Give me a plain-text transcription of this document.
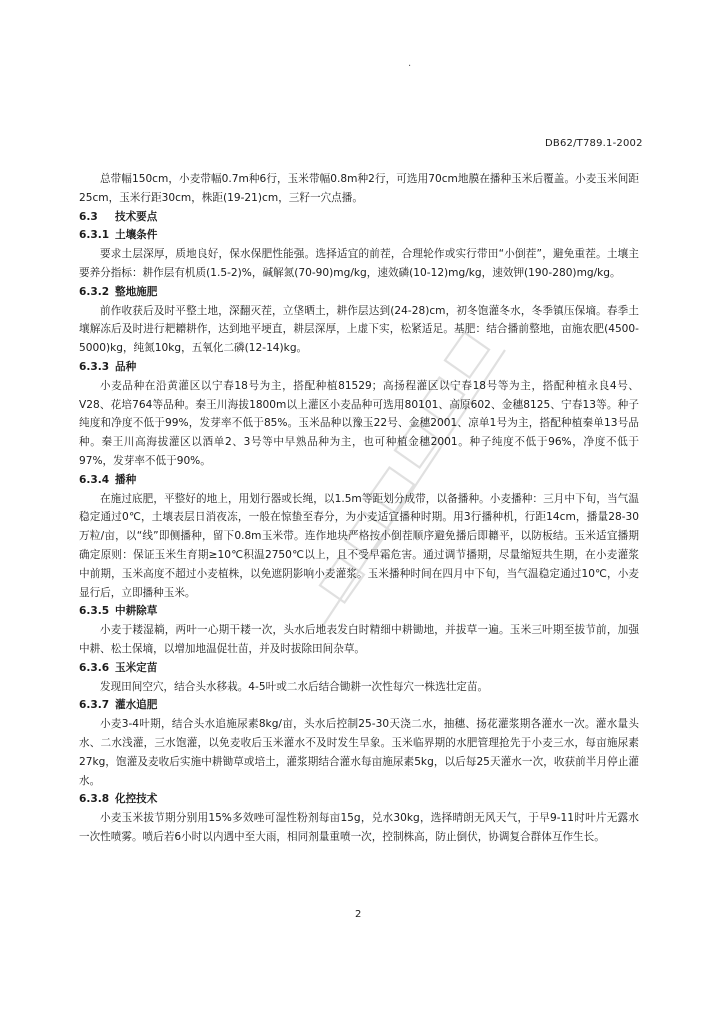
.
DB62/T789.1-2002

总带幅150cm，小麦带幅0.7m种6行，玉米带幅0.8m种2行，可选用70cm地膜在播种玉米后覆盖。小麦玉米间距25cm，玉米行距30cm，株距(19-21)cm，三籽一穴点播。

6.3 技术要点
6.3.1 土壤条件

要求土层深厚，质地良好，保水保肥性能强。选择适宜的前茬，合理轮作或实行带田“小倒茬”，避免重茬。土壤主要养分指标：耕作层有机质(1.5-2)%，碱解氮(70-90)mg/kg，速效磷(10-12)mg/kg，速效钾(190-280)mg/kg。

6.3.2 整地施肥

前作收获后及时平整土地，深翻灭茬，立垡晒土，耕作层达到(24-28)cm，初冬饱灌冬水，冬季镇压保墒。春季土壤解冻后及时进行耙耱耕作，达到地平埂直，耕层深厚，上虚下实，松紧适足。基肥：结合播前整地，亩施农肥(4500-5000)kg，纯氮10kg，五氧化二磷(12-14)kg。

6.3.3 品种

小麦品种在沿黄灌区以宁春18号为主，搭配种植81529；高扬程灌区以宁春18号等为主，搭配种植永良4号、V28、花培764等品种。秦王川海拔1800m以上灌区小麦品种可选用80101、高原602、金穗8125、宁春13等。种子纯度和净度不低于99%，发芽率不低于85%。玉米品种以豫玉22号、金穗2001、凉单1号为主，搭配种植秦单13号品种。秦王川高海拔灌区以酒单2、3号等中早熟品种为主，也可种植金穗2001。种子纯度不低于96%，净度不低于97%，发芽率不低于90%。

6.3.4 播种

在施过底肥，平整好的地上，用划行器或长绳，以1.5m等距划分成带，以备播种。小麦播种：三月中下旬，当气温稳定通过0℃，土壤表层日消夜冻，一般在惊蛰至春分，为小麦适宜播种时期。用3行播种机，行距14cm，播量28-30万粒/亩，以“线”即侧播种，留下0.8m玉米带。连作地块严格按小倒茬顺序避免播后即耱平，以防板结。玉米适宜播期确定原则：保证玉米生育期≥10℃积温2750℃以上，且不受早霜危害。通过调节播期，尽量缩短共生期，在小麦灌浆中前期，玉米高度不超过小麦植株，以免遮阴影响小麦灌浆。玉米播种时间在四月中下旬，当气温稳定通过10℃，小麦显行后，立即播种玉米。

6.3.5 中耕除草

小麦于耧湿耥，两叶一心期干耧一次，头水后地表发白时精细中耕锄地，并拔草一遍。玉米三叶期至拔节前，加强中耕、松土保墒，以增加地温促壮苗，并及时拔除田间杂草。

6.3.6 玉米定苗

发现田间空穴，结合头水移栽。4-5叶或二水后结合锄耕一次性每穴一株选壮定苗。

6.3.7 灌水追肥

小麦3-4叶期，结合头水追施尿素8kg/亩，头水后控制25-30天浇二水，抽穗、扬花灌浆期各灌水一次。灌水量头水、二水浅灌，三水饱灌，以免麦收后玉米灌水不及时发生旱象。玉米临界期的水肥管理抢先于小麦三水，每亩施尿素27kg，饱灌及麦收后实施中耕锄草或培土，灌浆期结合灌水每亩施尿素5kg，以后每25天灌水一次，收获前半月停止灌水。

6.3.8 化控技术

小麦玉米拔节期分别用15%多效唑可湿性粉剂每亩15g，兑水30kg，选择晴朗无风天气，于早9-11时叶片无露水一次性喷雾。喷后若6小时以内遇中至大雨，相同剂量重喷一次，控制株高，防止倒伏，协调复合群体互作生长。

2
